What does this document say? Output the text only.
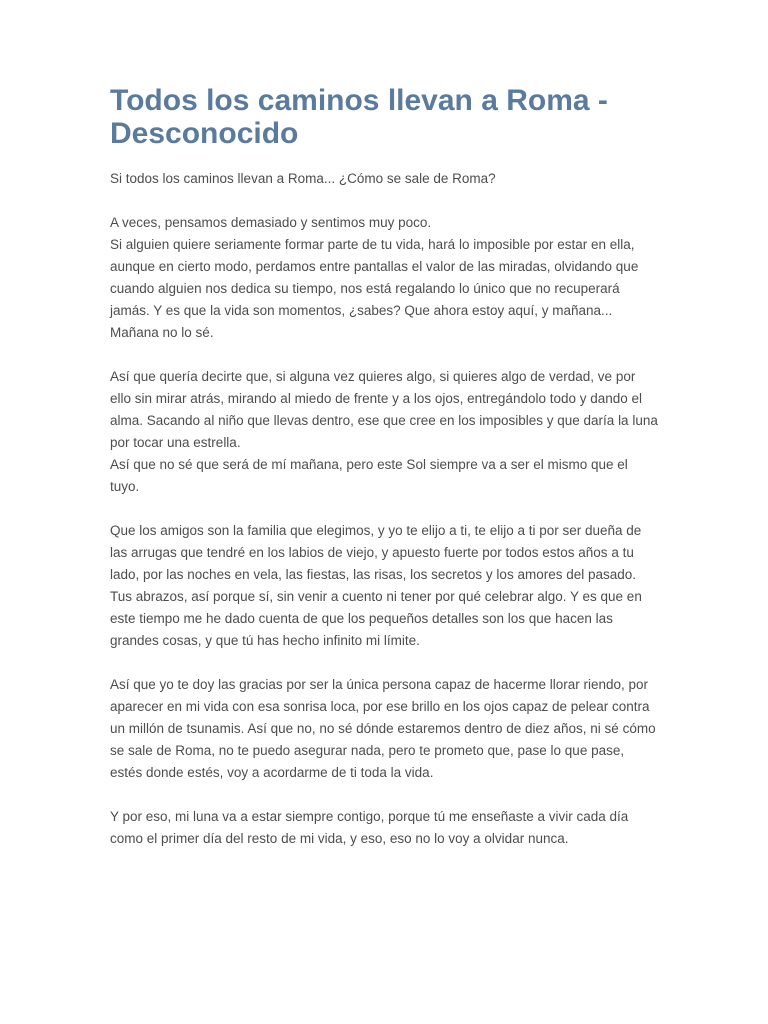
Todos los caminos llevan a Roma - Desconocido

Si todos los caminos llevan a Roma... ¿Cómo se sale de Roma?

A veces, pensamos demasiado y sentimos muy poco.
Si alguien quiere seriamente formar parte de tu vida, hará lo imposible por estar en ella, aunque en cierto modo, perdamos entre pantallas el valor de las miradas, olvidando que cuando alguien nos dedica su tiempo, nos está regalando lo único que no recuperará jamás. Y es que la vida son momentos, ¿sabes? Que ahora estoy aquí, y mañana... Mañana no lo sé.

Así que quería decirte que, si alguna vez quieres algo, si quieres algo de verdad, ve por ello sin mirar atrás, mirando al miedo de frente y a los ojos, entregándolo todo y dando el alma. Sacando al niño que llevas dentro, ese que cree en los imposibles y que daría la luna por tocar una estrella.
Así que no sé que será de mí mañana, pero este Sol siempre va a ser el mismo que el tuyo.

Que los amigos son la familia que elegimos, y yo te elijo a ti, te elijo a ti por ser dueña de las arrugas que tendré en los labios de viejo, y apuesto fuerte por todos estos años a tu lado, por las noches en vela, las fiestas, las risas, los secretos y los amores del pasado. Tus abrazos, así porque sí, sin venir a cuento ni tener por qué celebrar algo. Y es que en este tiempo me he dado cuenta de que los pequeños detalles son los que hacen las grandes cosas, y que tú has hecho infinito mi límite.

Así que yo te doy las gracias por ser la única persona capaz de hacerme llorar riendo, por aparecer en mi vida con esa sonrisa loca, por ese brillo en los ojos capaz de pelear contra un millón de tsunamis. Así que no, no sé dónde estaremos dentro de diez años, ni sé cómo se sale de Roma, no te puedo asegurar nada, pero te prometo que, pase lo que pase, estés donde estés, voy a acordarme de ti toda la vida.

Y por eso, mi luna va a estar siempre contigo, porque tú me enseñaste a vivir cada día como el primer día del resto de mi vida, y eso, eso no lo voy a olvidar nunca.
